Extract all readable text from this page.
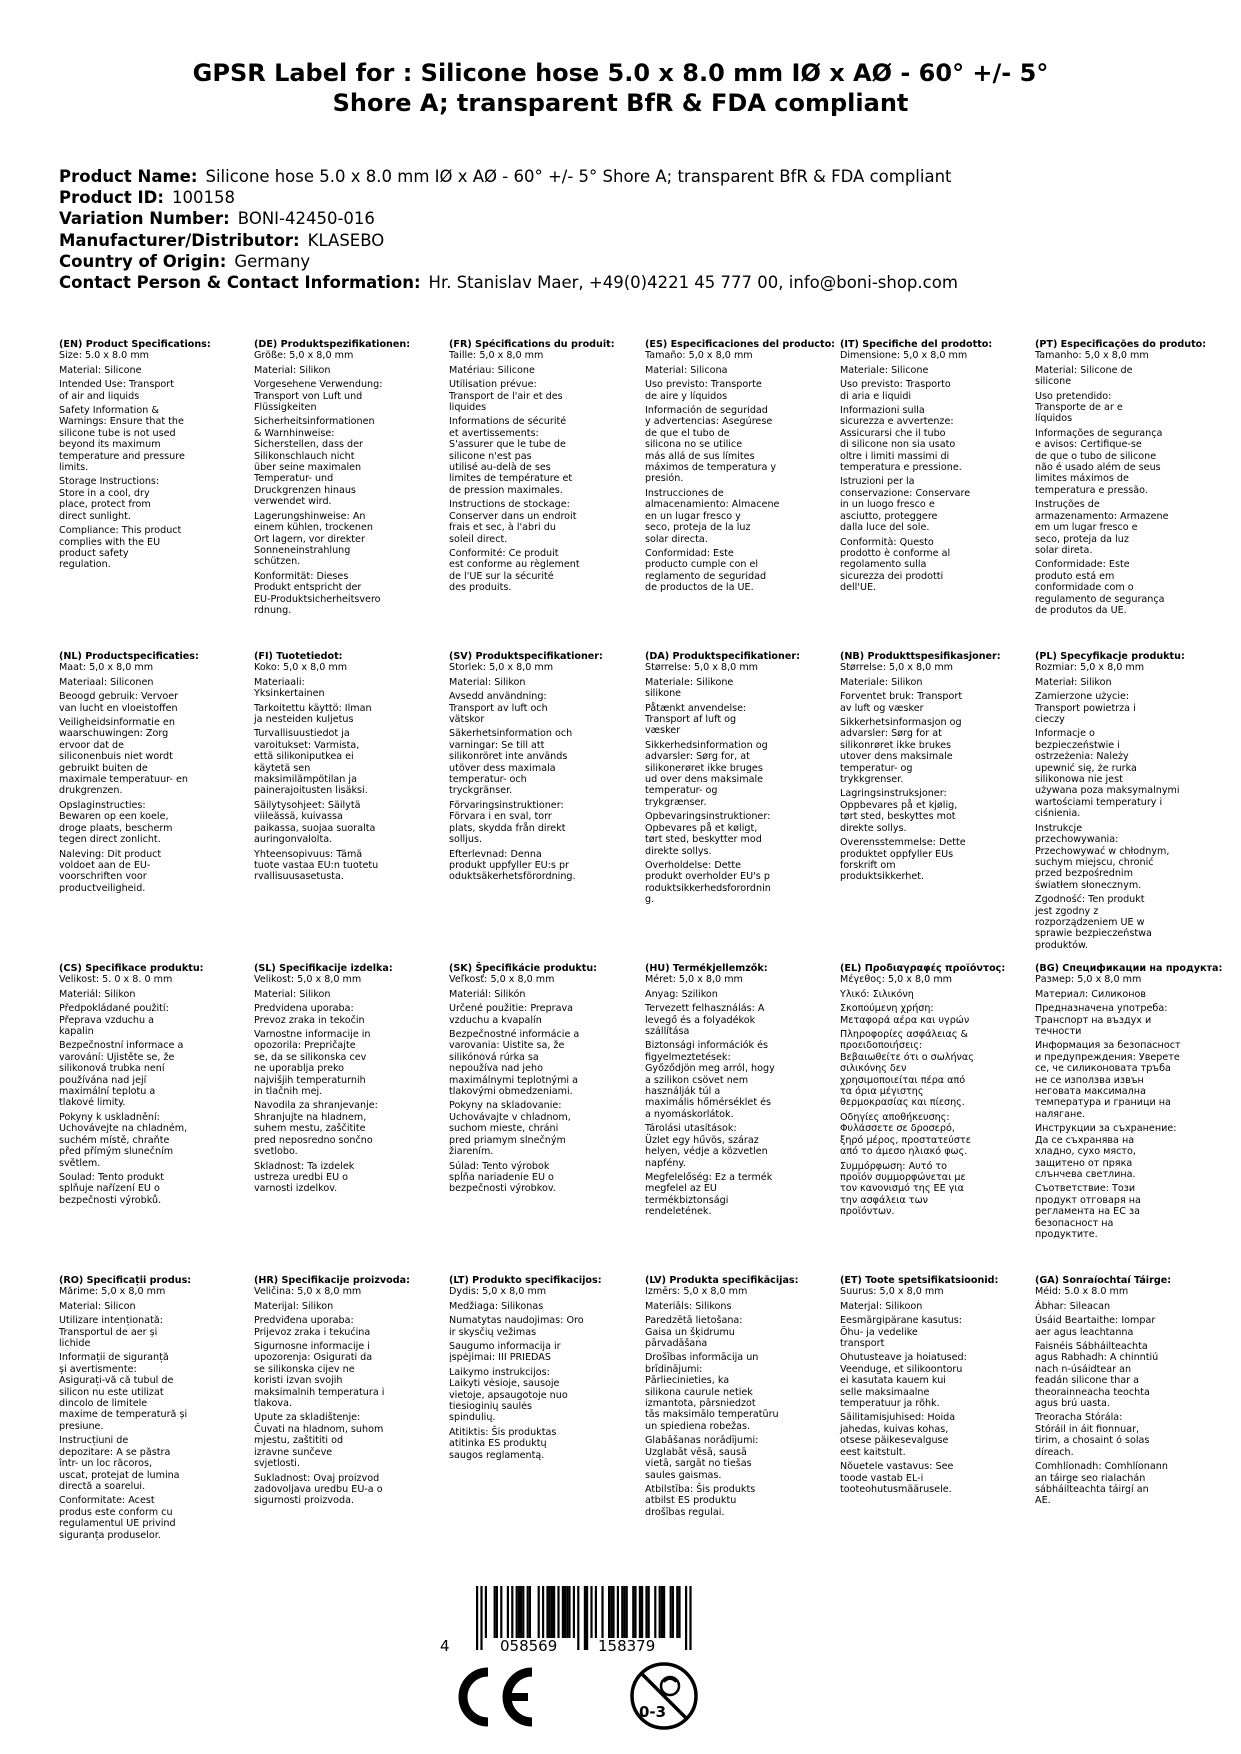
GPSR Label for : Silicone hose 5.0 x 8.0 mm IØ x AØ - 60° +/- 5°
Shore A; transparent BfR & FDA compliant
Product Name: Silicone hose 5.0 x 8.0 mm IØ x AØ - 60° +/- 5° Shore A; transparent BfR & FDA compliant
Product ID: 100158
Variation Number: BONI-42450-016
Manufacturer/Distributor: KLASEBO
Country of Origin: Germany
Contact Person & Contact Information: Hr. Stanislav Maer, +49(0)4221 45 777 00, info@boni-shop.com
(EN) Product Specifications:
Size: 5.0 x 8.0 mm
Material: Silicone
Intended Use: Transport
of air and liquids
Safety Information &
Warnings: Ensure that the
silicone tube is not used
beyond its maximum
temperature and pressure
limits.
Storage Instructions:
Store in a cool, dry
place, protect from
direct sunlight.
Compliance: This product
complies with the EU
product safety
regulation.
(DE) Produktspezifikationen:
Größe: 5,0 x 8,0 mm
Material: Silikon
Vorgesehene Verwendung:
Transport von Luft und
Flüssigkeiten
Sicherheitsinformationen
& Warnhinweise:
Sicherstellen, dass der
Silikonschlauch nicht
über seine maximalen
Temperatur- und
Druckgrenzen hinaus
verwendet wird.
Lagerungshinweise: An
einem kühlen, trockenen
Ort lagern, vor direkter
Sonneneinstrahlung
schützen.
Konformität: Dieses
Produkt entspricht der
EU-Produktsicherheitsvero
rdnung.
(FR) Spécifications du produit:
Taille: 5,0 x 8,0 mm
Matériau: Silicone
Utilisation prévue:
Transport de l'air et des
liquides
Informations de sécurité
et avertissements:
S'assurer que le tube de
silicone n'est pas
utilisé au-delà de ses
limites de température et
de pression maximales.
Instructions de stockage:
Conserver dans un endroit
frais et sec, à l'abri du
soleil direct.
Conformité: Ce produit
est conforme au règlement
de l'UE sur la sécurité
des produits.
(ES) Especificaciones del producto:
Tamaño: 5,0 x 8,0 mm
Material: Silicona
Uso previsto: Transporte
de aire y líquidos
Información de seguridad
y advertencias: Asegúrese
de que el tubo de
silicona no se utilice
más allá de sus límites
máximos de temperatura y
presión.
Instrucciones de
almacenamiento: Almacene
en un lugar fresco y
seco, proteja de la luz
solar directa.
Conformidad: Este
producto cumple con el
reglamento de seguridad
de productos de la UE.
(IT) Specifiche del prodotto:
Dimensione: 5,0 x 8,0 mm
Materiale: Silicone
Uso previsto: Trasporto
di aria e liquidi
Informazioni sulla
sicurezza e avvertenze:
Assicurarsi che il tubo
di silicone non sia usato
oltre i limiti massimi di
temperatura e pressione.
Istruzioni per la
conservazione: Conservare
in un luogo fresco e
asciutto, proteggere
dalla luce del sole.
Conformità: Questo
prodotto è conforme al
regolamento sulla
sicurezza dei prodotti
dell'UE.
(PT) Especificações do produto:
Tamanho: 5,0 x 8,0 mm
Material: Silicone de
silicone
Uso pretendido:
Transporte de ar e
líquidos
Informações de segurança
e avisos: Certifique-se
de que o tubo de silicone
não é usado além de seus
limites máximos de
temperatura e pressão.
Instruções de
armazenamento: Armazene
em um lugar fresco e
seco, proteja da luz
solar direta.
Conformidade: Este
produto está em
conformidade com o
regulamento de segurança
de produtos da UE.
(NL) Productspecificaties:
Maat: 5,0 x 8,0 mm
Materiaal: Siliconen
Beoogd gebruik: Vervoer
van lucht en vloeistoffen
Veiligheidsinformatie en
waarschuwingen: Zorg
ervoor dat de
siliconenbuis niet wordt
gebruikt buiten de
maximale temperatuur- en
drukgrenzen.
Opslaginstructies:
Bewaren op een koele,
droge plaats, bescherm
tegen direct zonlicht.
Naleving: Dit product
voldoet aan de EU-
voorschriften voor
productveiligheid.
(FI) Tuotetiedot:
Koko: 5,0 x 8,0 mm
Materiaali:
Yksinkertainen
Tarkoitettu käyttö: Ilman
ja nesteiden kuljetus
Turvallisuustiedot ja
varoitukset: Varmista,
että silikoniputkea ei
käytetä sen
maksimilämpötilan ja
painerajoitusten lisäksi.
Säilytysohjeet: Säilytä
viileässä, kuivassa
paikassa, suojaa suoralta
auringonvalolta.
Yhteensopivuus: Tämä
tuote vastaa EU:n tuotetu
rvallisuusasetusta.
(SV) Produktspecifikationer:
Storlek: 5,0 x 8,0 mm
Material: Silikon
Avsedd användning:
Transport av luft och
vätskor
Säkerhetsinformation och
varningar: Se till att
silikonröret inte används
utöver dess maximala
temperatur- och
tryckgränser.
Förvaringsinstruktioner:
Förvara i en sval, torr
plats, skydda från direkt
solljus.
Efterlevnad: Denna
produkt uppfyller EU:s pr
oduktsäkerhetsförordning.
(DA) Produktspecifikationer:
Størrelse: 5,0 x 8,0 mm
Materiale: Silikone
silikone
Påtænkt anvendelse:
Transport af luft og
væsker
Sikkerhedsinformation og
advarsler: Sørg for, at
silikonerøret ikke bruges
ud over dens maksimale
temperatur- og
trykgrænser.
Opbevaringsinstruktioner:
Opbevares på et køligt,
tørt sted, beskytter mod
direkte sollys.
Overholdelse: Dette
produkt overholder EU's p
roduktsikkerhedsforordnin
g.
(NB) Produkttspesifikasjoner:
Størrelse: 5,0 x 8,0 mm
Materiale: Silikon
Forventet bruk: Transport
av luft og væsker
Sikkerhetsinformasjon og
advarsler: Sørg for at
silikonrøret ikke brukes
utover dens maksimale
temperatur- og
trykkgrenser.
Lagringsinstruksjoner:
Oppbevares på et kjølig,
tørt sted, beskyttes mot
direkte sollys.
Overensstemmelse: Dette
produktet oppfyller EUs
forskrift om
produktsikkerhet.
(PL) Specyfikacje produktu:
Rozmiar: 5,0 x 8,0 mm
Materiał: Silikon
Zamierzone użycie:
Transport powietrza i
cieczy
Informacje o
bezpieczeństwie i
ostrzeżenia: Należy
upewnić się, że rurka
silikonowa nie jest
używana poza maksymalnymi
wartościami temperatury i
ciśnienia.
Instrukcje
przechowywania:
Przechowywać w chłodnym,
suchym miejscu, chronić
przed bezpośrednim
światłem słonecznym.
Zgodność: Ten produkt
jest zgodny z
rozporządzeniem UE w
sprawie bezpieczeństwa
produktów.
(CS) Specifikace produktu:
Velikost: 5. 0 x 8. 0 mm
Materiál: Silikon
Předpokládané použití:
Přeprava vzduchu a
kapalin
Bezpečnostní informace a
varování: Ujistěte se, že
silikonová trubka není
používána nad její
maximální teplotu a
tlakové limity.
Pokyny k uskladnění:
Uchovávejte na chladném,
suchém místě, chraňte
před přímým slunečním
světlem.
Soulad: Tento produkt
splňuje nařízení EU o
bezpečnosti výrobků.
(SL) Specifikacije izdelka:
Velikost: 5,0 x 8,0 mm
Material: Silikon
Predvidena uporaba:
Prevoz zraka in tekočin
Varnostne informacije in
opozorila: Prepričajte
se, da se silikonska cev
ne uporablja preko
najvišjih temperaturnih
in tlačnih mej.
Navodila za shranjevanje:
Shranjujte na hladnem,
suhem mestu, zaščitite
pred neposredno sončno
svetlobo.
Skladnost: Ta izdelek
ustreza uredbi EU o
varnosti izdelkov.
(SK) Špecifikácie produktu:
Veľkosť: 5,0 x 8,0 mm
Materiál: Silikón
Určené použitie: Preprava
vzduchu a kvapalín
Bezpečnostné informácie a
varovania: Uistite sa, že
silikónová rúrka sa
nepoužíva nad jeho
maximálnymi teplotnými a
tlakovými obmedzeniami.
Pokyny na skladovanie:
Uchovávajte v chladnom,
suchom mieste, chráni
pred priamym slnečným
žiarením.
Súlad: Tento výrobok
spĺňa nariadenie EU o
bezpečnosti výrobkov.
(HU) Termékjellemzők:
Méret: 5,0 x 8,0 mm
Anyag: Szilikon
Tervezett felhasználás: A
levegő és a folyadékok
szállítása
Biztonsági információk és
figyelmeztetések:
Győződjön meg arról, hogy
a szilikon csövet nem
használják túl a
maximális hőmérséklet és
a nyomáskorlátok.
Tárolási utasítások:
Üzlet egy hűvös, száraz
helyen, védje a közvetlen
napfény.
Megfelelőség: Ez a termék
megfelel az EU
termékbiztonsági
rendeletének.
(EL) Προδιαγραφές προϊόντος:
Μέγεθος: 5,0 x 8,0 mm
Υλικό: Σιλικόνη
Σκοπούμενη χρήση:
Μεταφορά αέρα και υγρών
Πληροφορίες ασφάλειας &
προειδοποιήσεις:
Βεβαιωθείτε ότι ο σωλήνας
σιλικόνης δεν
χρησιμοποιείται πέρα από
τα όρια μέγιστης
θερμοκρασίας και πίεσης.
Οδηγίες αποθήκευσης:
Φυλάσσετε σε δροσερό,
ξηρό μέρος, προστατεύστε
από το άμεσο ηλιακό φως.
Συμμόρφωση: Αυτό το
προϊόν συμμορφώνεται με
τον κανονισμό της ΕΕ για
την ασφάλεια των
προϊόντων.
(BG) Спецификации на продукта:
Размер: 5,0 x 8,0 mm
Материал: Силиконов
Предназначена употреба:
Транспорт на въздух и
течности
Информация за безопасност
и предупреждения: Уверете
се, че силиконовата тръба
не се използва извън
неговата максимална
температура и граници на
налягане.
Инструкции за съхранение:
Да се съхранява на
хладно, сухо място,
защитено от пряка
слънчева светлина.
Съответствие: Този
продукт отговаря на
регламента на ЕС за
безопасност на
продуктите.
(RO) Specificații produs:
Mărime: 5,0 x 8,0 mm
Material: Silicon
Utilizare intenționată:
Transportul de aer și
lichide
Informații de siguranță
și avertismente:
Asigurați-vă că tubul de
silicon nu este utilizat
dincolo de limitele
maxime de temperatură și
presiune.
Instrucțiuni de
depozitare: A se păstra
într- un loc răcoros,
uscat, protejat de lumina
directă a soarelui.
Conformitate: Acest
produs este conform cu
regulamentul UE privind
siguranța produselor.
(HR) Specifikacije proizvoda:
Veličina: 5,0 x 8,0 mm
Materijal: Silikon
Predviđena uporaba:
Prijevoz zraka i tekućina
Sigurnosne informacije i
upozorenja: Osigurati da
se silikonska cijev ne
koristi izvan svojih
maksimalnih temperatura i
tlakova.
Upute za skladištenje:
Čuvati na hladnom, suhom
mjestu, zaštititi od
izravne sunčeve
svjetlosti.
Sukladnost: Ovaj proizvod
zadovoljava uredbu EU-a o
sigurnosti proizvoda.
(LT) Produkto specifikacijos:
Dydis: 5,0 x 8,0 mm
Medžiaga: Silikonas
Numatytas naudojimas: Oro
ir skysčių vežimas
Saugumo informacija ir
įspėjimai: III PRIEDAS
Laikymo instrukcijos:
Laikyti vėsioje, sausoje
vietoje, apsaugotoje nuo
tiesioginių saulės
spindulių.
Atitiktis: Šis produktas
atitinka ES produktų
saugos reglamentą.
(LV) Produkta specifikācijas:
Izmērs: 5,0 x 8,0 mm
Materiāls: Silikons
Paredzētā lietošana:
Gaisa un šķidrumu
pārvadāšana
Drošības informācija un
brīdinājumi:
Pārliecinieties, ka
silikona caurule netiek
izmantota, pārsniedzot
tās maksimālo temperatūru
un spiediena robežas.
Glabāšanas norādījumi:
Uzglabāt vēsā, sausā
vietā, sargāt no tiešas
saules gaismas.
Atbilstība: Šis produkts
atbilst ES produktu
drošības regulai.
(ET) Toote spetsifikatsioonid:
Suurus: 5,0 x 8,0 mm
Materjal: Silikoon
Eesmärgipärane kasutus:
Õhu- ja vedelike
transport
Ohutusteave ja hoiatused:
Veenduge, et silikoontoru
ei kasutata kauem kui
selle maksimaalne
temperatuur ja rõhk.
Säilitamisjuhised: Hoida
jahedas, kuivas kohas,
otsese päikesevalguse
eest kaitstult.
Nõuetele vastavus: See
toode vastab EL-i
tooteohutusmäärusele.
(GA) Sonraíochtaí Táirge:
Méid: 5.0 x 8.0 mm
Ábhar: Sileacan
Úsáid Beartaithe: Iompar
aer agus leachtanna
Faisnéis Sábháilteachta
agus Rabhadh: A chinntiú
nach n-úsáidtear an
feadán silicone thar a
theorainneacha teochta
agus brú uasta.
Treoracha Stórála:
Stóráil in áit fionnuar,
tirim, a chosaint ó solas
díreach.
Comhlíonadh: Comhlíonann
an táirge seo rialachán
sábháilteachta táirgí an
AE.
4	058569	158379
0-3
